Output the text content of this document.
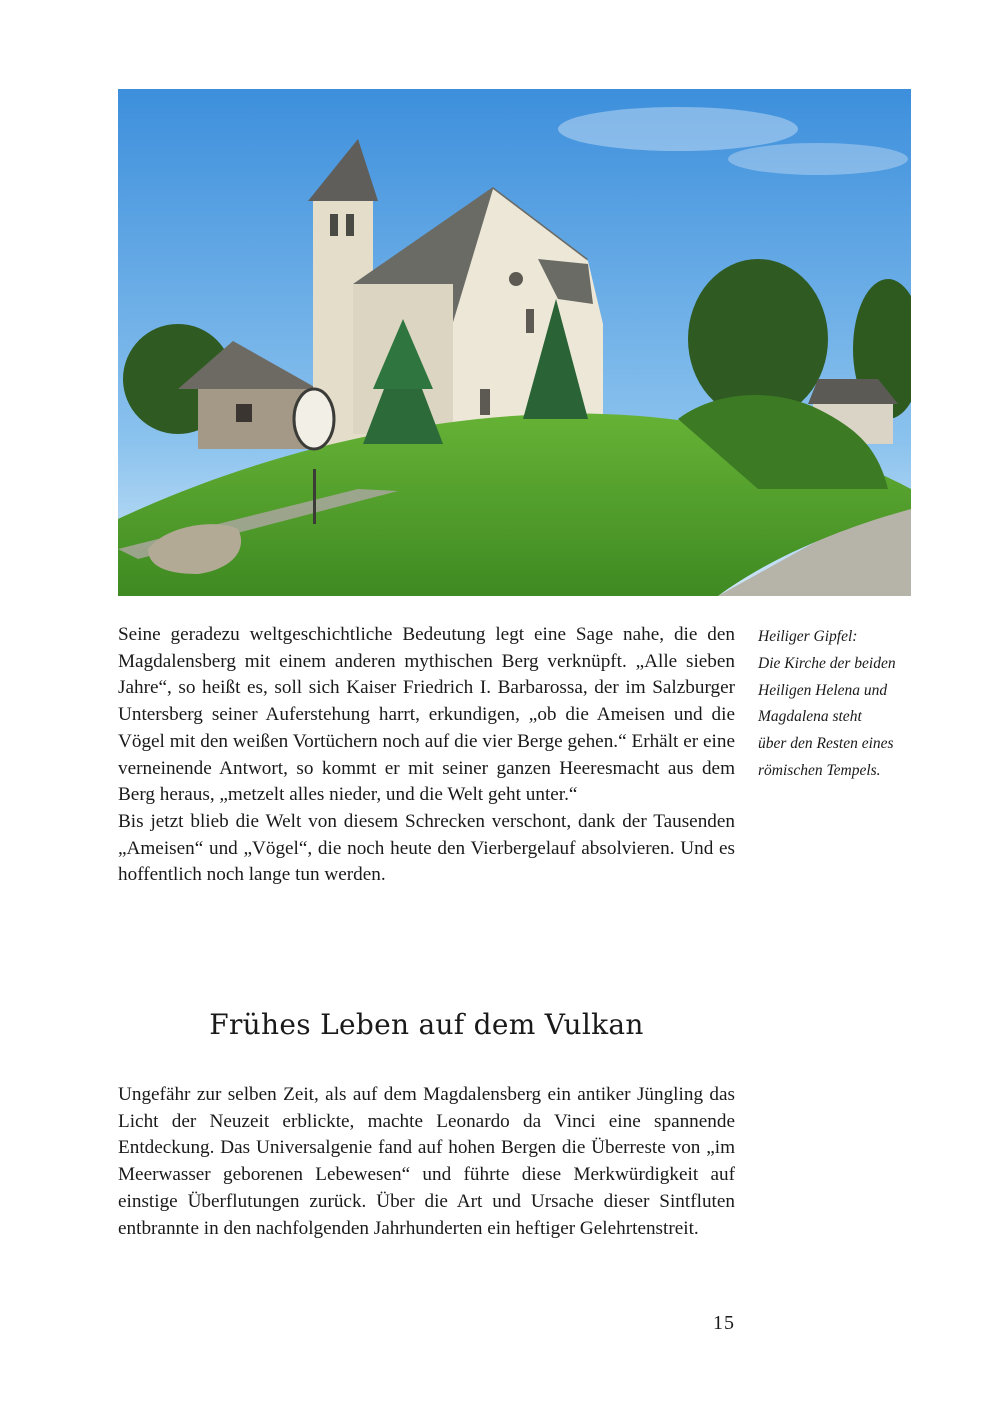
Seine geradezu weltgeschichtliche Bedeutung legt eine Sage nahe, die den Magdalensberg mit einem anderen mythischen Berg verknüpft. „Alle sieben Jahre“, so heißt es, soll sich Kaiser Friedrich I. Barbarossa, der im Salzburger Untersberg seiner Auferstehung harrt, erkundigen, „ob die Ameisen und die Vögel mit den weißen Vortüchern noch auf die vier Berge gehen.“ Erhält er eine verneinende Antwort, so kommt er mit seiner ganzen Heeresmacht aus dem Berg heraus, „metzelt alles nieder, und die Welt geht unter.“

Bis jetzt blieb die Welt von diesem Schrecken verschont, dank der Tausenden „Ameisen“ und „Vögel“, die noch heute den Vierbergelauf absolvieren. Und es hoffentlich noch lange tun werden.

Heiliger Gipfel:
Die Kirche der beiden
Heiligen Helena und
Magdalena steht
über den Resten eines
römischen Tempels.
Frühes Leben auf dem Vulkan

Ungefähr zur selben Zeit, als auf dem Magdalensberg ein antiker Jüngling das Licht der Neuzeit erblickte, machte Leonardo da Vinci eine spannende Entdeckung. Das Universalgenie fand auf hohen Bergen die Überreste von „im Meerwasser geborenen Lebewesen“ und führte diese Merkwürdigkeit auf einstige Überflutungen zurück. Über die Art und Ursache dieser Sintfluten entbrannte in den nachfolgenden Jahrhunderten ein heftiger Gelehrtenstreit.

15
